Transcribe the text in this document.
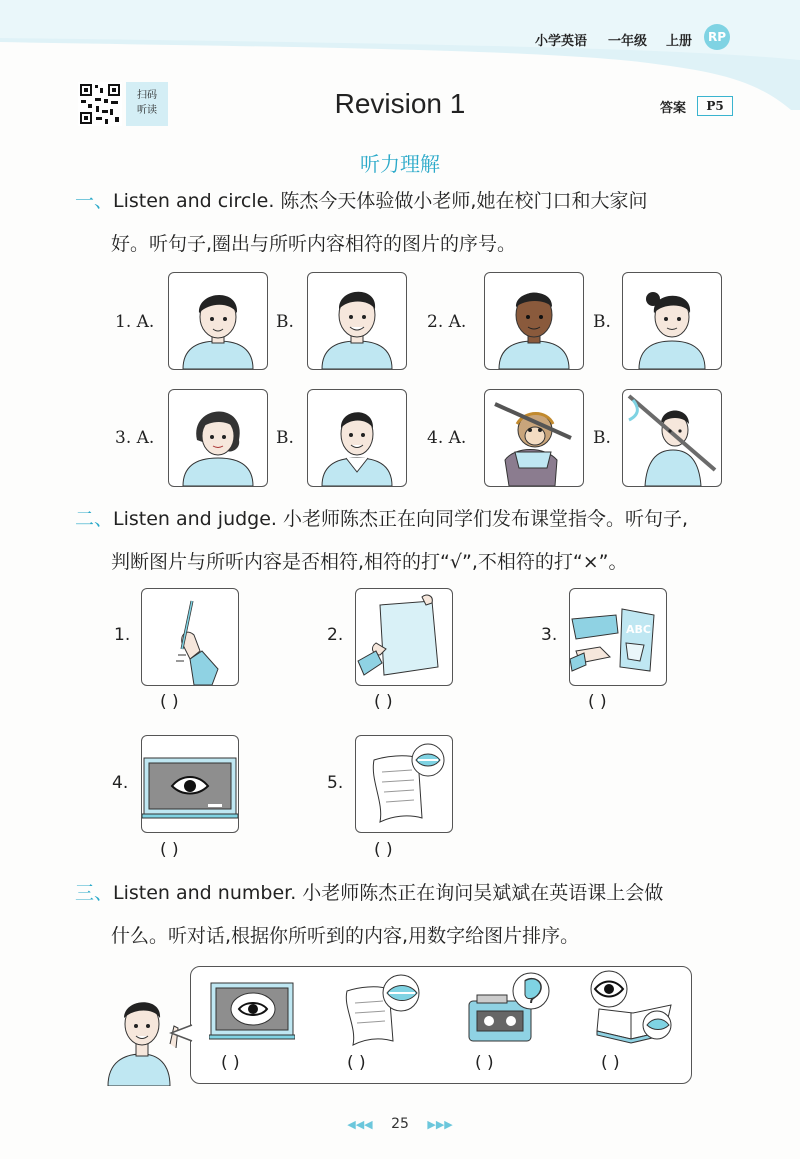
小学英语 一年级 上册	RP
扫码
听读	Revision 1	答案	P5
听力理解
一、Listen and circle. 陈杰今天体验做小老师,她在校门口和大家问
好。听句子,圈出与所听内容相符的图片的序号。
1. A.	B.	2. A.	B.
3. A.	B.	4. A.	B.
二、Listen and judge. 小老师陈杰正在向同学们发布课堂指令。听句子,
判断图片与所听内容是否相符,相符的打“√”,不相符的打“×”。
1.
( )
2.
( )
3.	ABC
( )
4.
( )
5.
( )
三、Listen and number. 小老师陈杰正在询问吴斌斌在英语课上会做
什么。听对话,根据你所听到的内容,用数字给图片排序。
( )	( )	( )	( )
◀◀◀ 25 ▶▶▶
